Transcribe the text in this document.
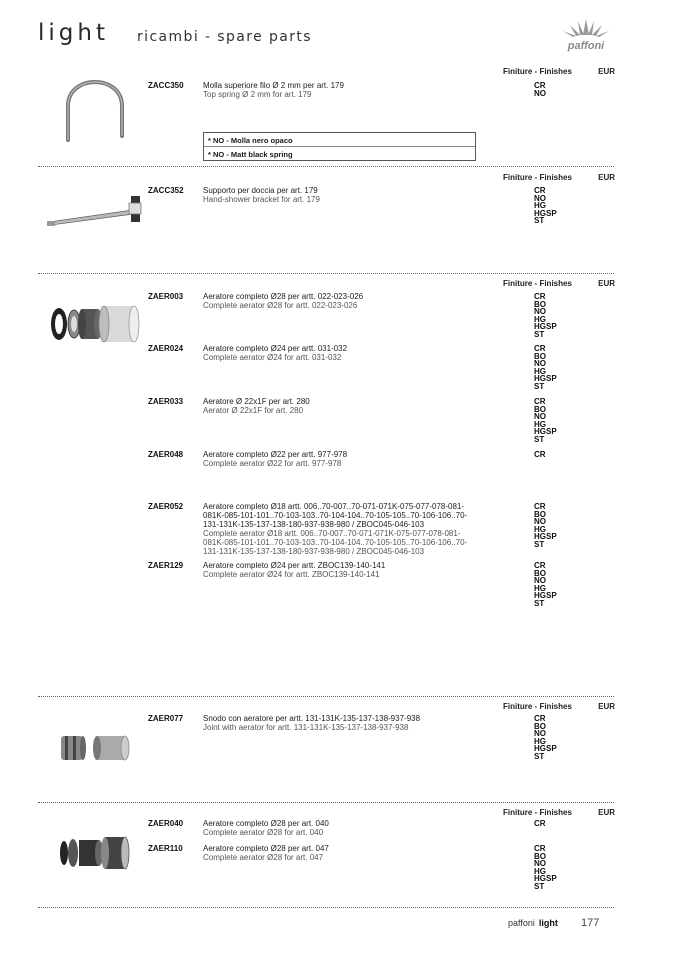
light ricambi - spare parts
paffoni
Finiture - Finishes	EUR
ZACC350 Molla superiore filo Ø 2 mm per art. 179
Top spring Ø 2 mm for art. 179
CR
NO
* NO - Molla nero opaco
* NO - Matt black spring
Finiture - Finishes	EUR
ZACC352 Supporto per doccia per art. 179
Hand-shower bracket for art. 179
CR
NO
HG
HGSP
ST
Finiture - Finishes	EUR
ZAER003 Aeratore completo Ø28 per artt. 022-023-026
Complete aerator Ø28 for artt. 022-023-026
CR
BO
NO
HG
HGSP
ST
ZAER024 Aeratore completo Ø24 per artt. 031-032
Complete aerator Ø24 for artt. 031-032
CR
BO
NO
HG
HGSP
ST
ZAER033 Aeratore Ø 22x1F per art. 280
Aerator Ø 22x1F for art. 280
CR
BO
NO
HG
HGSP
ST
ZAER048 Aeratore completo Ø22 per artt. 977-978
Complete aerator Ø22 for artt. 977-978
CR
ZAER052 Aeratore completo Ø18 artt. 006..70-007..70-071-071K-075-077-078-081-081K-085-101-101..70-103-103..70-104-104..70-105-105..70-106-106..70-131-131K-135-137-138-180-937-938-980 / ZBOC045-046-103
Complete aerator Ø18 artt. 006..70-007..70-071-071K-075-077-078-081-081K-085-101-101..70-103-103..70-104-104..70-105-105..70-106-106..70-131-131K-135-137-138-180-937-938-980 / ZBOC045-046-103
CR
BO
NO
HG
HGSP
ST
ZAER129 Aeratore completo Ø24 per artt. ZBOC139-140-141
Complete aerator Ø24 for artt. ZBOC139-140-141
CR
BO
NO
HG
HGSP
ST
Finiture - Finishes	EUR
ZAER077 Snodo con aeratore per artt. 131-131K-135-137-138-937-938
Joint with aerator for artt. 131-131K-135-137-138-937-938
CR
BO
NO
HG
HGSP
ST
Finiture - Finishes	EUR
ZAER040 Aeratore completo Ø28 per art. 040
Complete aerator Ø28 for art. 040
CR
ZAER110	Aeratore completo Ø28 per art. 047
Complete aerator Ø28 for art. 047
CR
BO
NO
HG
HGSP
ST
paffoni light 177
